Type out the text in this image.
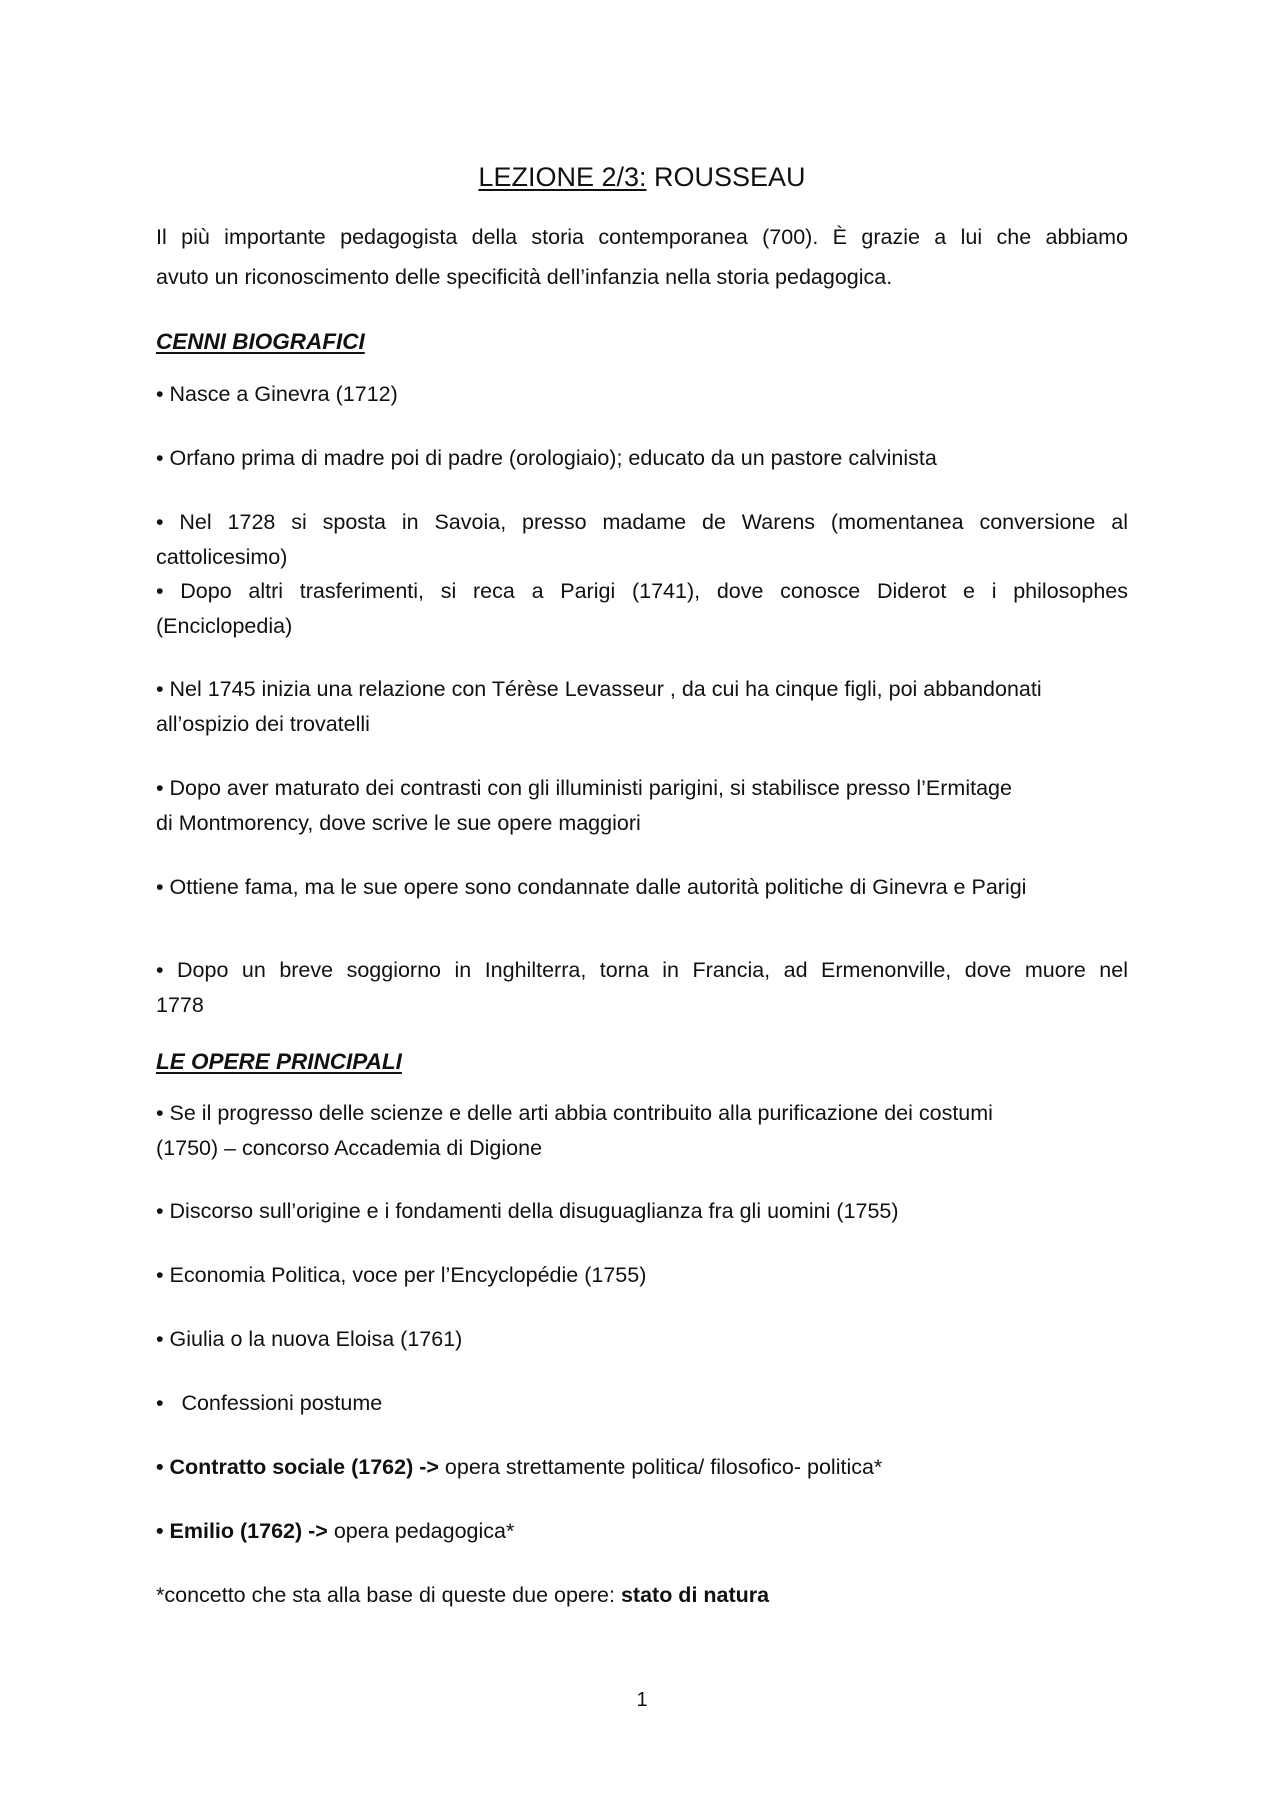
LEZIONE 2/3: ROUSSEAU

Il più importante pedagogista della storia contemporanea (700). È grazie a lui che abbiamo
avuto un riconoscimento delle specificità dell’infanzia nella storia pedagogica.

CENNI BIOGRAFICI

• Nasce a Ginevra (1712)

• Orfano prima di madre poi di padre (orologiaio); educato da un pastore calvinista

• Nel 1728 si sposta in Savoia, presso madame de Warens (momentanea conversione al
cattolicesimo)

• Dopo altri trasferimenti, si reca a Parigi (1741), dove conosce Diderot e i philosophes
(Enciclopedia)

• Nel 1745 inizia una relazione con Térèse Levasseur , da cui ha cinque figli, poi abbandonati
all’ospizio dei trovatelli

• Dopo aver maturato dei contrasti con gli illuministi parigini, si stabilisce presso l’Ermitage
di Montmorency, dove scrive le sue opere maggiori

• Ottiene fama, ma le sue opere sono condannate dalle autorità politiche di Ginevra e Parigi

• Dopo un breve soggiorno in Inghilterra, torna in Francia, ad Ermenonville, dove muore nel
1778

LE OPERE PRINCIPALI

• Se il progresso delle scienze e delle arti abbia contribuito alla purificazione dei costumi
(1750) – concorso Accademia di Digione

• Discorso sull’origine e i fondamenti della disuguaglianza fra gli uomini (1755)

• Economia Politica, voce per l’Encyclopédie (1755)

• Giulia o la nuova Eloisa (1761)

• Confessioni postume

• Contratto sociale (1762) -> opera strettamente politica/ filosofico- politica*

• Emilio (1762) -> opera pedagogica*

*concetto che sta alla base di queste due opere: stato di natura

1
